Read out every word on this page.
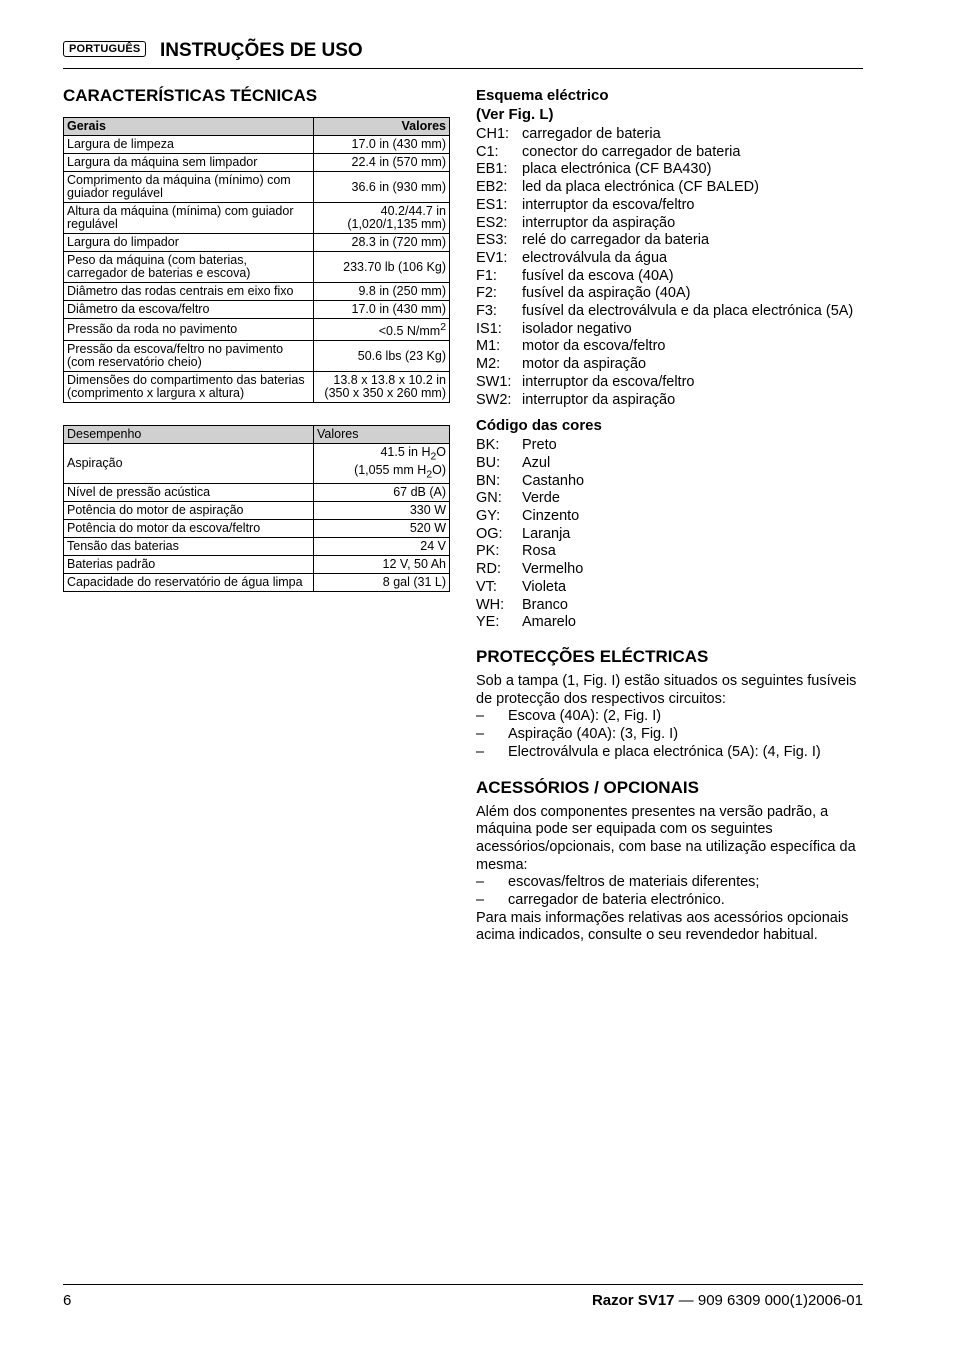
PORTUGUÊS	INSTRUÇÕES DE USO
CARACTERÍSTICAS TÉCNICAS
Gerais	Valores
Largura de limpeza	17.0 in (430 mm)
Largura da máquina sem limpador	22.4 in (570 mm)
Comprimento da máquina (mínimo) com guiador regulável	36.6 in (930 mm)
Altura da máquina (mínima) com guiador regulável	40.2/44.7 in (1,020/1,135 mm)
Largura do limpador	28.3 in (720 mm)
Peso da máquina (com baterias, carregador de baterias e escova)	233.70 lb (106 Kg)
Diâmetro das rodas centrais em eixo fixo	9.8 in (250 mm)
Diâmetro da escova/feltro	17.0 in (430 mm)
Pressão da roda no pavimento	<0.5 $N/mm^2$
Pressão da escova/feltro no pavimento (com reservatório cheio)	50.6 lbs (23 Kg)
Dimensões do compartimento das baterias (comprimento x largura x altura)	13.8 x 13.8 x 10.2 in (350 x 350 x 260 mm)
Desempenho	Valores
Aspiração	41.5 in $H_2O$
(1,055 mm $H_2O$)
Nível de pressão acústica	67 dB (A)
Potência do motor de aspiração	330 W
Potência do motor da escova/feltro	520 W
Tensão das baterias	24 V
Baterias padrão	12 V, 50 Ah
Capacidade do reservatório de água limpa	8 gal (31 L)
Esquema eléctrico
(Ver Fig. L)
CH1: carregador de bateria
C1:	conector do carregador de bateria
EB1:	placa electrónica (CF BA430)
EB2:	led da placa electrónica (CF BALED)
ES1:	interruptor da escova/feltro
ES2:	interruptor da aspiração
ES3:	relé do carregador da bateria
EV1:	electroválvula da água
F1:	fusível da escova (40A)
F2:	fusível da aspiração (40A)
F3:	fusível da electroválvula e da placa electrónica (5A)
IS1:	isolador negativo
M1:	motor da escova/feltro
M2:	motor da aspiração
SW1: interruptor da escova/feltro
SW2: interruptor da aspiração
Código das cores
BK:	Preto
BU:	Azul
BN:	Castanho
GN:	Verde
GY:	Cinzento
OG:	Laranja
PK:	Rosa
RD:	Vermelho
VT:	Violeta
WH:	Branco
YE:	Amarelo
PROTECÇÕES ELÉCTRICAS

Sob a tampa (1, Fig. I) estão situados os seguintes fusíveis de protecção dos respectivos circuitos:

–	Escova (40A): (2, Fig. I)
–	Aspiração (40A): (3, Fig. I)
–	Electroválvula e placa electrónica (5A): (4, Fig. I)
ACESSÓRIOS / OPCIONAIS

Além dos componentes presentes na versão padrão, a máquina pode ser equipada com os seguintes acessórios/opcionais, com base na utilização específica da mesma:

–	escovas/feltros de materiais diferentes;
–	carregador de bateria electrónico.

Para mais informações relativas aos acessórios opcionais acima indicados, consulte o seu revendedor habitual.

6	Razor SV17 — 909 6309 000(1)2006-01
